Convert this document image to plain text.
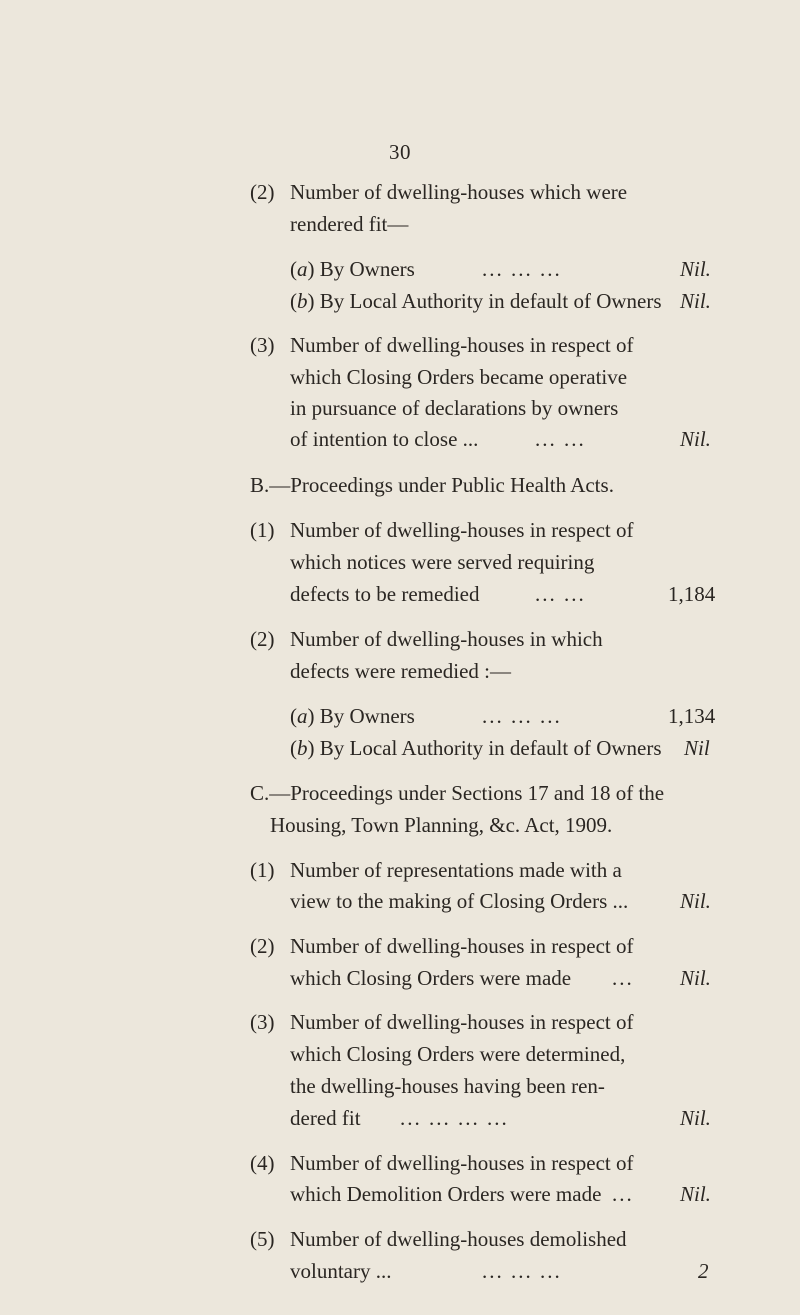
30
(2) Number of dwelling-houses which were
rendered fit—
(a) By Owners	... ... ...	Nil.
(b) By Local Authority in default of Owners Nil.
(3) Number of dwelling-houses in respect of
which Closing Orders became operative
in pursuance of declarations by owners
of intention to close ...	... ...	Nil.
B.—Proceedings under Public Health Acts.
(1) Number of dwelling-houses in respect of
which notices were served requiring
defects to be remedied	... ...	1,184
(2) Number of dwelling-houses in which
defects were remedied :—
(a) By Owners	... ... ...	1,134
(b) By Local Authority in default of Owners Nil
C.—Proceedings under Sections 17 and 18 of the
Housing, Town Planning, &c. Act, 1909.
(1) Number of representations made with a
view to the making of Closing Orders ... Nil.
(2) Number of dwelling-houses in respect of
which Closing Orders were made ... Nil.
(3) Number of dwelling-houses in respect of
which Closing Orders were determined,
the dwelling-houses having been ren-
dered fit ... ... ... ...	Nil.
(4) Number of dwelling-houses in respect of
which Demolition Orders were made ... Nil.
(5) Number of dwelling-houses demolished
voluntary ...	... ... ...	2
